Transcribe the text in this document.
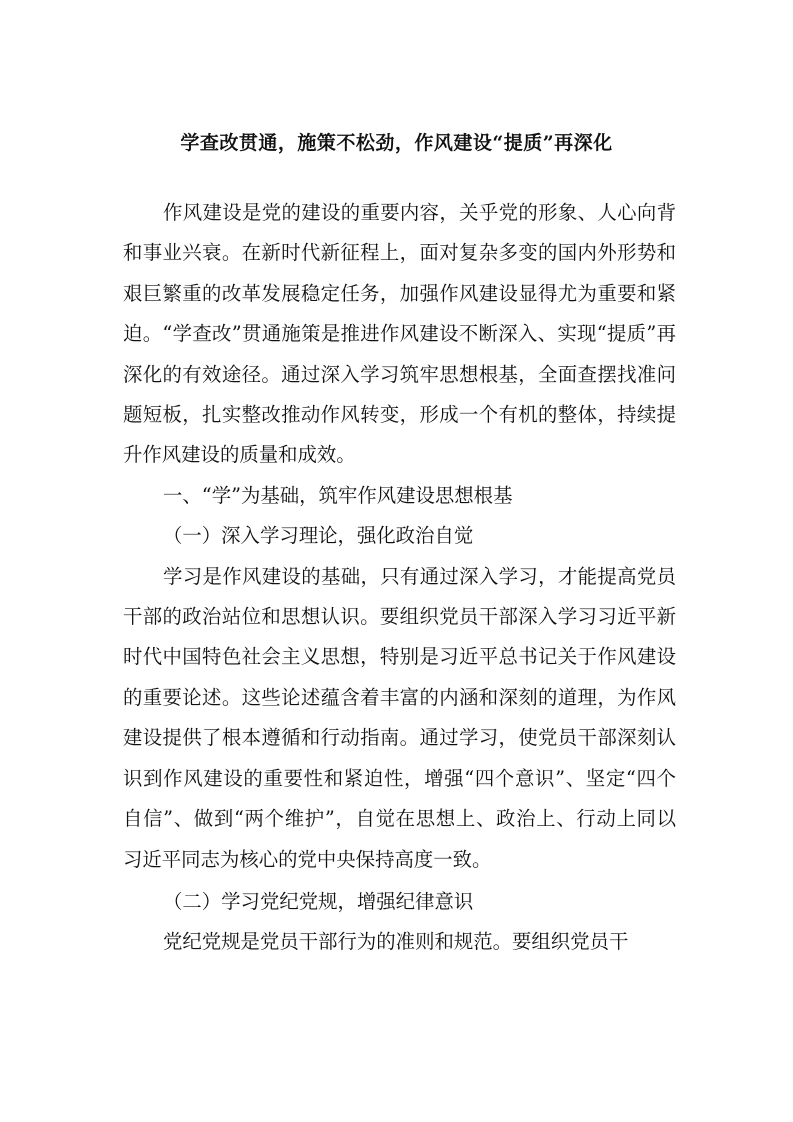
学查改贯通，施策不松劲，作风建设“提质”再深化

作风建设是党的建设的重要内容，关乎党的形象、人心向背和事业兴衰。在新时代新征程上，面对复杂多变的国内外形势和艰巨繁重的改革发展稳定任务，加强作风建设显得尤为重要和紧迫。“学查改”贯通施策是推进作风建设不断深入、实现“提质”再深化的有效途径。通过深入学习筑牢思想根基，全面查摆找准问题短板，扎实整改推动作风转变，形成一个有机的整体，持续提升作风建设的质量和成效。

一、“学”为基础，筑牢作风建设思想根基

（一）深入学习理论，强化政治自觉

学习是作风建设的基础，只有通过深入学习，才能提高党员干部的政治站位和思想认识。要组织党员干部深入学习习近平新时代中国特色社会主义思想，特别是习近平总书记关于作风建设的重要论述。这些论述蕴含着丰富的内涵和深刻的道理，为作风建设提供了根本遵循和行动指南。通过学习，使党员干部深刻认识到作风建设的重要性和紧迫性，增强“四个意识”、坚定“四个自信”、做到“两个维护”，自觉在思想上、政治上、行动上同以习近平同志为核心的党中央保持高度一致。

（二）学习党纪党规，增强纪律意识

党纪党规是党员干部行为的准则和规范。要组织党员干
